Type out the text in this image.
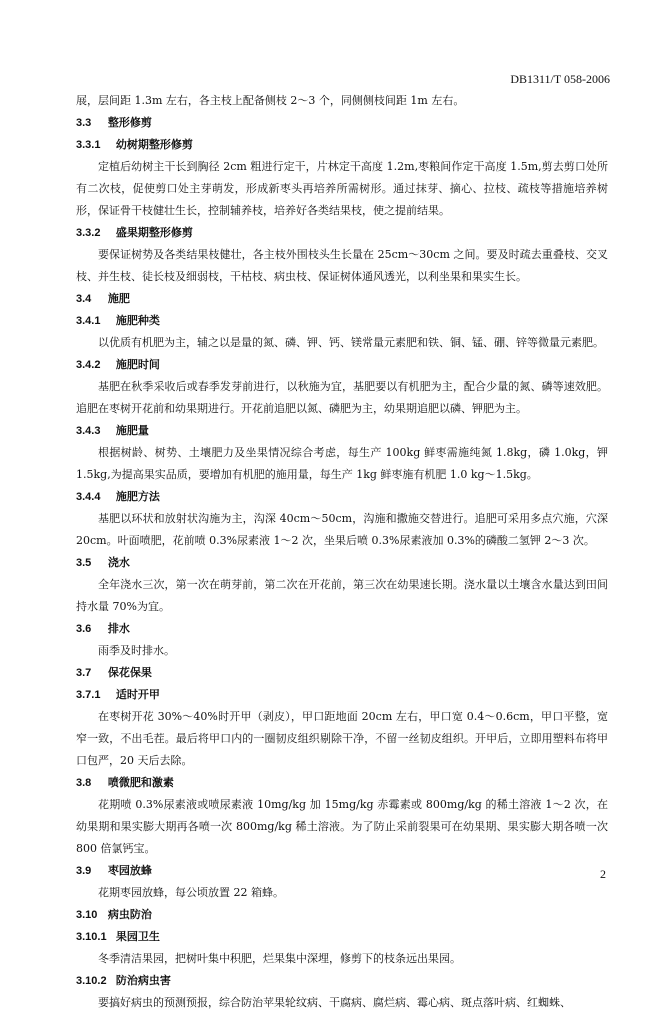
DB1311/T 058-2006

展，层间距 1.3m 左右，各主枝上配备侧枝 2～3 个，同侧侧枝间距 1m 左右。

3.3 整形修剪

3.3.1 幼树期整形修剪

定植后幼树主干长到胸径 2cm 粗进行定干，片林定干高度 1.2m,枣粮间作定干高度 1.5m,剪去剪口处所有二次枝，促使剪口处主芽萌发，形成新枣头再培养所需树形。通过抹芽、摘心、拉枝、疏枝等措施培养树形，保证骨干枝健壮生长，控制辅养枝，培养好各类结果枝，使之提前结果。

3.3.2 盛果期整形修剪

要保证树势及各类结果枝健壮，各主枝外围枝头生长量在 25cm～30cm 之间。要及时疏去重叠枝、交叉枝、并生枝、徒长枝及细弱枝，干枯枝、病虫枝、保证树体通风透光，以利坐果和果实生长。

3.4 施肥

3.4.1 施肥种类

以优质有机肥为主，辅之以是量的氮、磷、钾、钙、镁常量元素肥和铁、铜、锰、硼、锌等微量元素肥。

3.4.2 施肥时间

基肥在秋季采收后或春季发芽前进行，以秋施为宜，基肥要以有机肥为主，配合少量的氮、磷等速效肥。追肥在枣树开花前和幼果期进行。开花前追肥以氮、磷肥为主，幼果期追肥以磷、钾肥为主。

3.4.3 施肥量

根据树龄、树势、土壤肥力及坐果情况综合考虑，每生产 100kg 鲜枣需施纯氮 1.8kg，磷 1.0kg，钾 1.5kg,为提高果实品质，要增加有机肥的施用量，每生产 1kg 鲜枣施有机肥 1.0 kg～1.5kg。

3.4.4 施肥方法

基肥以环状和放射状沟施为主，沟深 40cm～50cm，沟施和撒施交替进行。追肥可采用多点穴施，穴深 20cm。叶面喷肥，花前喷 0.3%尿素液 1～2 次，坐果后喷 0.3%尿素液加 0.3%的磷酸二氢钾 2～3 次。

3.5 浇水

全年浇水三次，第一次在萌芽前，第二次在开花前，第三次在幼果速长期。浇水量以土壤含水量达到田间持水量 70%为宜。

3.6 排水

雨季及时排水。

3.7 保花保果

3.7.1 适时开甲

在枣树开花 30%～40%时开甲（剥皮），甲口距地面 20cm 左右，甲口宽 0.4～0.6cm，甲口平整，宽窄一致，不出毛茬。最后将甲口内的一圈韧皮组织剔除干净，不留一丝韧皮组织。开甲后，立即用塑料布将甲口包严，20 天后去除。

3.8 喷微肥和激素

花期喷 0.3%尿素液或喷尿素液 10mg/kg 加 15mg/kg 赤霉素或 800mg/kg 的稀土溶液 1～2 次，在幼果期和果实膨大期再各喷一次 800mg/kg 稀土溶液。为了防止采前裂果可在幼果期、果实膨大期各喷一次 800 倍氯钙宝。

3.9 枣园放蜂

花期枣园放蜂，每公顷放置 22 箱蜂。

3.10 病虫防治

3.10.1 果园卫生

冬季清洁果园，把树叶集中积肥，烂果集中深埋，修剪下的枝条远出果园。

3.10.2 防治病虫害

要搞好病虫的预测预报，综合防治苹果轮纹病、干腐病、腐烂病、霉心病、斑点落叶病、红蜘蛛、

2
